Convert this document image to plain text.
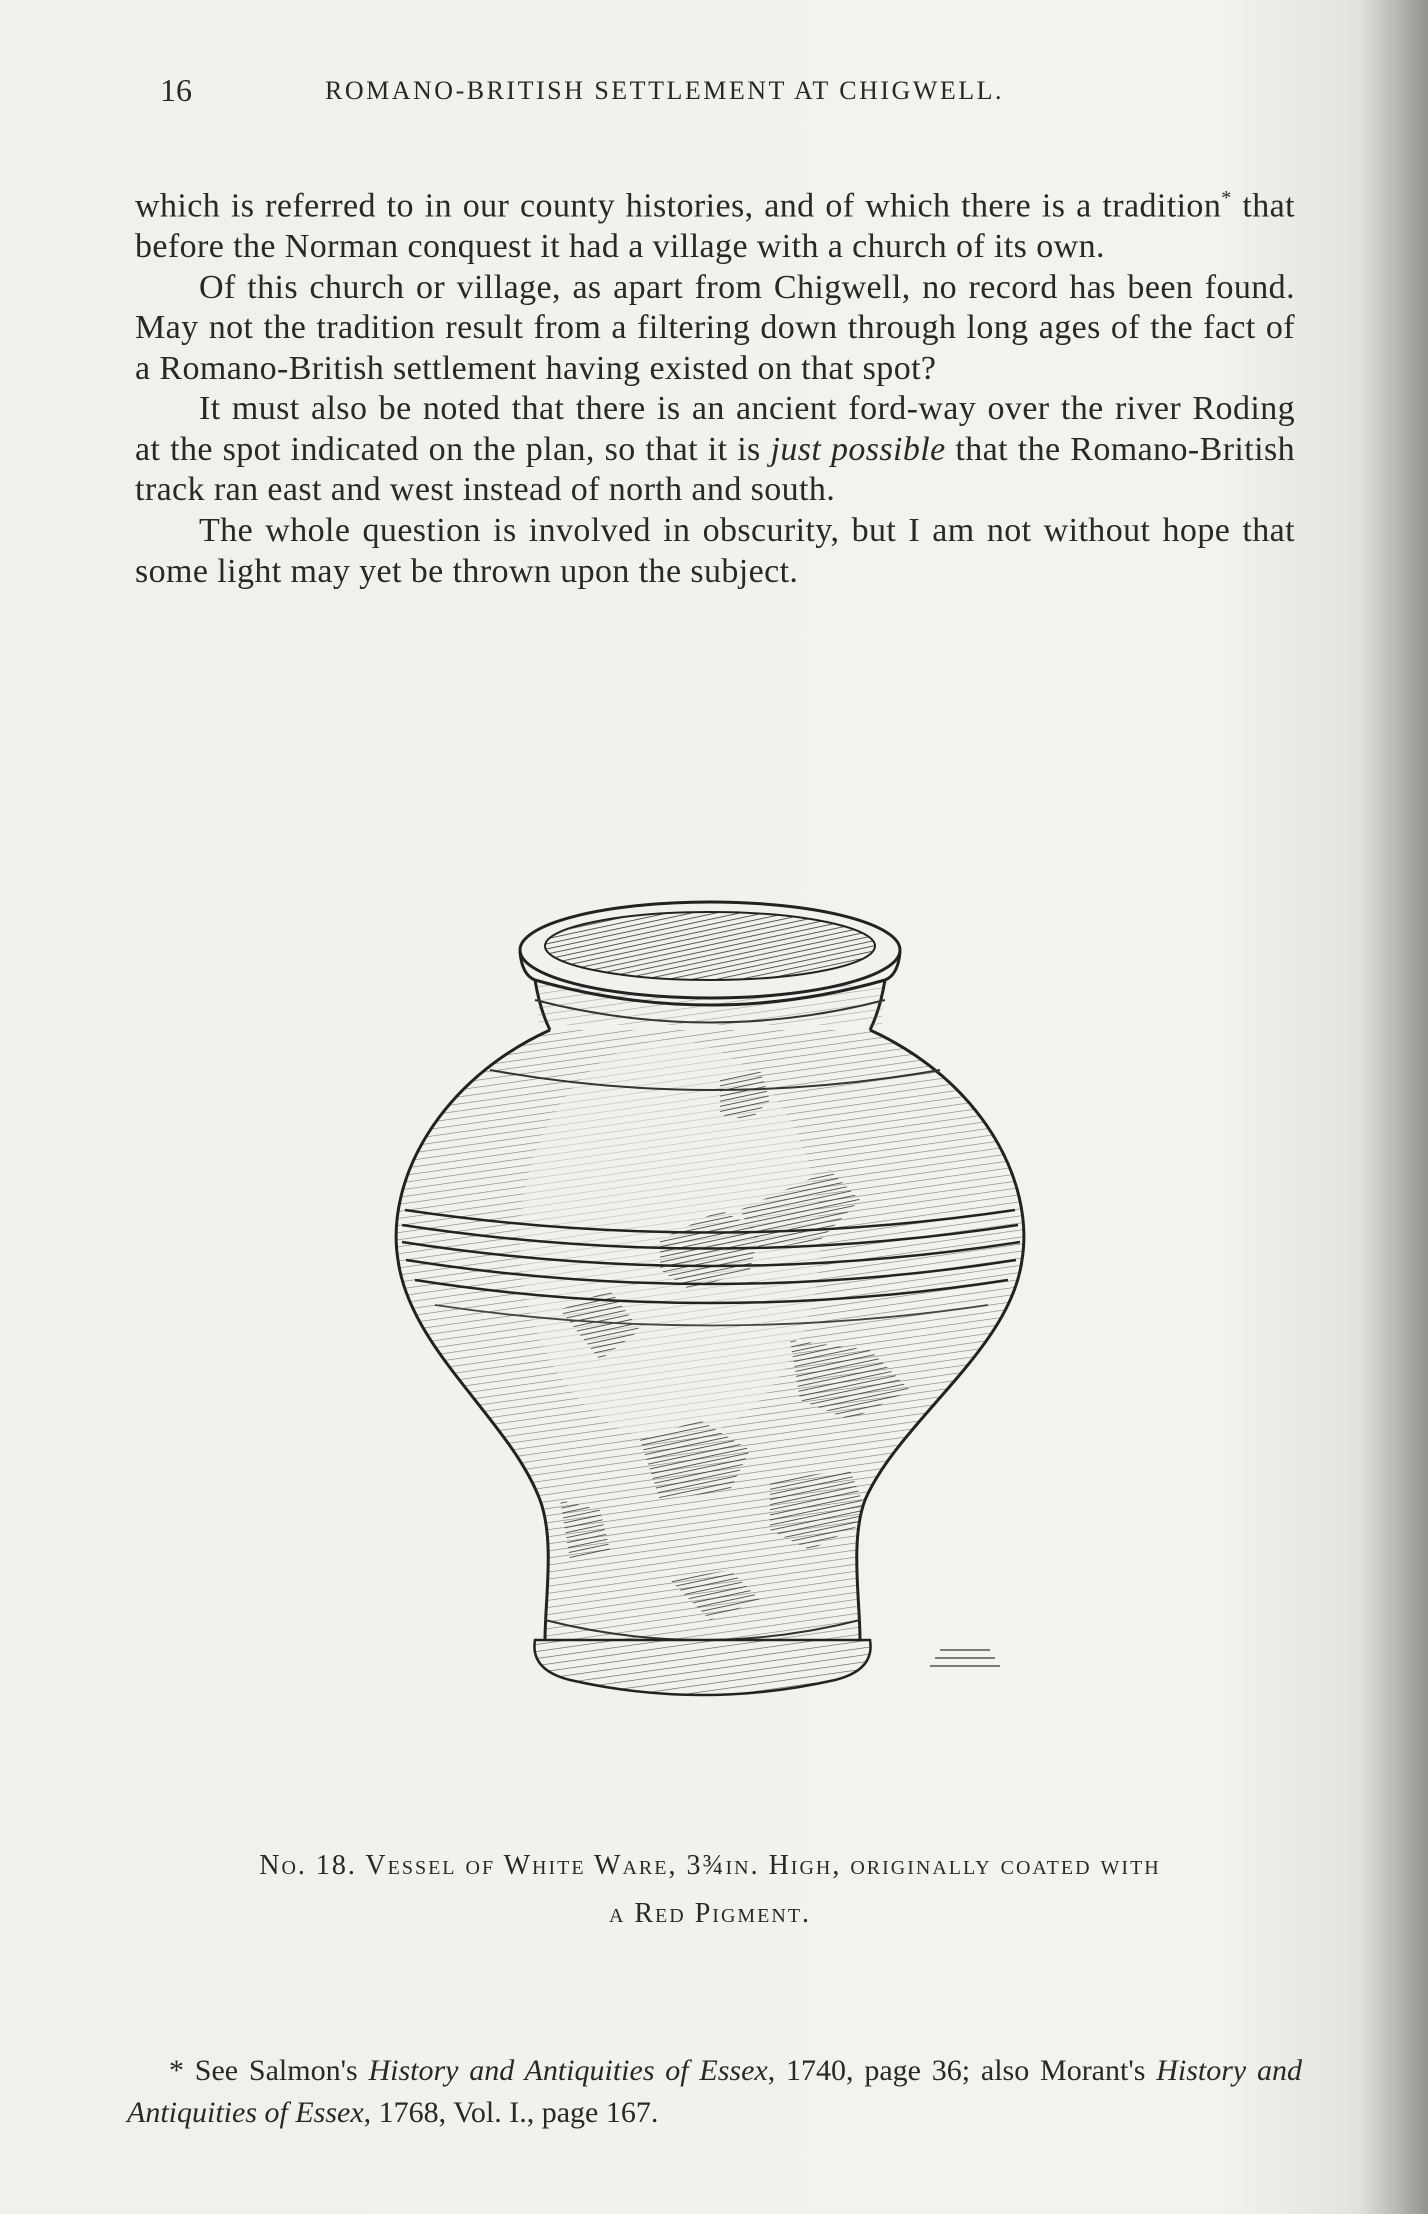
16	ROMANO-BRITISH SETTLEMENT AT CHIGWELL.

which is referred to in our county histories, and of which there is a tradition* that before the Norman conquest it had a village with a church of its own.

Of this church or village, as apart from Chigwell, no record has been found. May not the tradition result from a filtering down through long ages of the fact of a Romano-British settlement having existed on that spot?

It must also be noted that there is an ancient ford-way over the river Roding at the spot indicated on the plan, so that it is just possible that the Romano-British track ran east and west instead of north and south.

The whole question is involved in obscurity, but I am not without hope that some light may yet be thrown upon the subject.

No. 18. Vessel of White Ware, 3¾in. High, originally coated with
a Red Pigment.

* See Salmon's History and Antiquities of Essex, 1740, page 36; also Morant's History and Antiquities of Essex, 1768, Vol. I., page 167.
